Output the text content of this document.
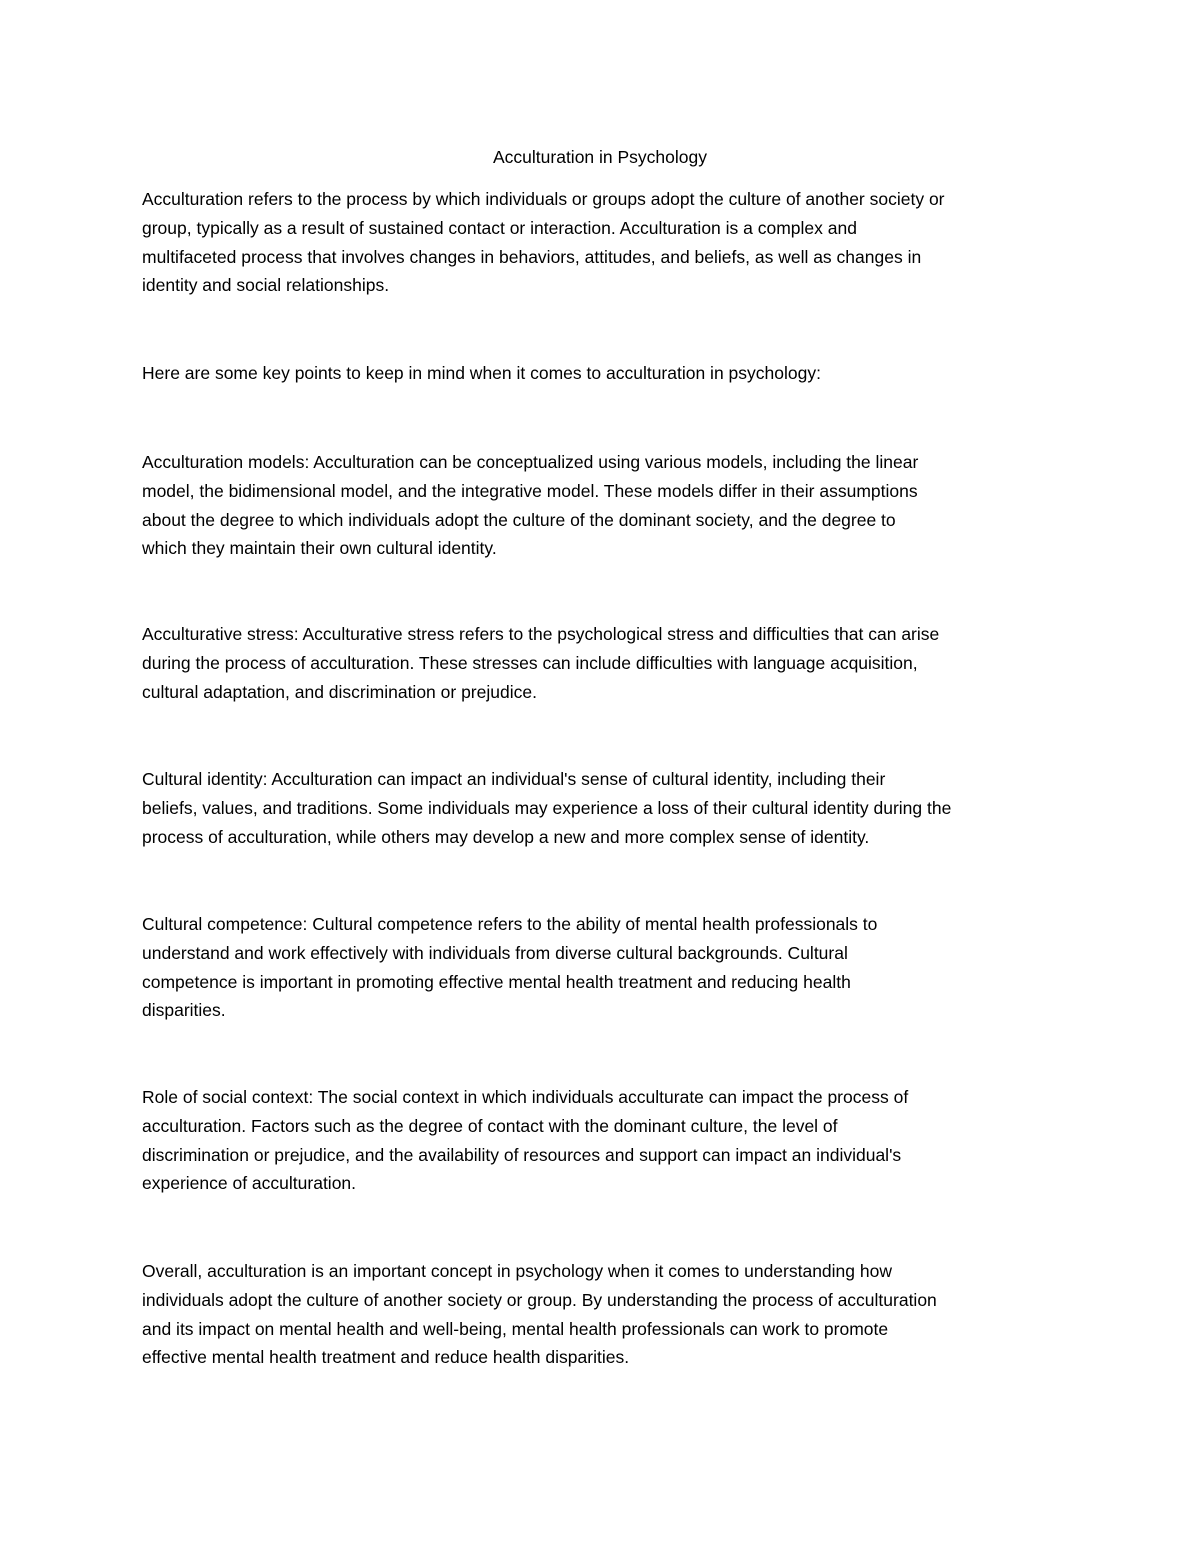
Acculturation in Psychology

Acculturation refers to the process by which individuals or groups adopt the culture of another society or
group, typically as a result of sustained contact or interaction. Acculturation is a complex and
multifaceted process that involves changes in behaviors, attitudes, and beliefs, as well as changes in
identity and social relationships.

Here are some key points to keep in mind when it comes to acculturation in psychology:

Acculturation models: Acculturation can be conceptualized using various models, including the linear
model, the bidimensional model, and the integrative model. These models differ in their assumptions
about the degree to which individuals adopt the culture of the dominant society, and the degree to
which they maintain their own cultural identity.

Acculturative stress: Acculturative stress refers to the psychological stress and difficulties that can arise
during the process of acculturation. These stresses can include difficulties with language acquisition,
cultural adaptation, and discrimination or prejudice.

Cultural identity: Acculturation can impact an individual's sense of cultural identity, including their
beliefs, values, and traditions. Some individuals may experience a loss of their cultural identity during the
process of acculturation, while others may develop a new and more complex sense of identity.

Cultural competence: Cultural competence refers to the ability of mental health professionals to
understand and work effectively with individuals from diverse cultural backgrounds. Cultural
competence is important in promoting effective mental health treatment and reducing health
disparities.

Role of social context: The social context in which individuals acculturate can impact the process of
acculturation. Factors such as the degree of contact with the dominant culture, the level of
discrimination or prejudice, and the availability of resources and support can impact an individual's
experience of acculturation.

Overall, acculturation is an important concept in psychology when it comes to understanding how
individuals adopt the culture of another society or group. By understanding the process of acculturation
and its impact on mental health and well-being, mental health professionals can work to promote
effective mental health treatment and reduce health disparities.
